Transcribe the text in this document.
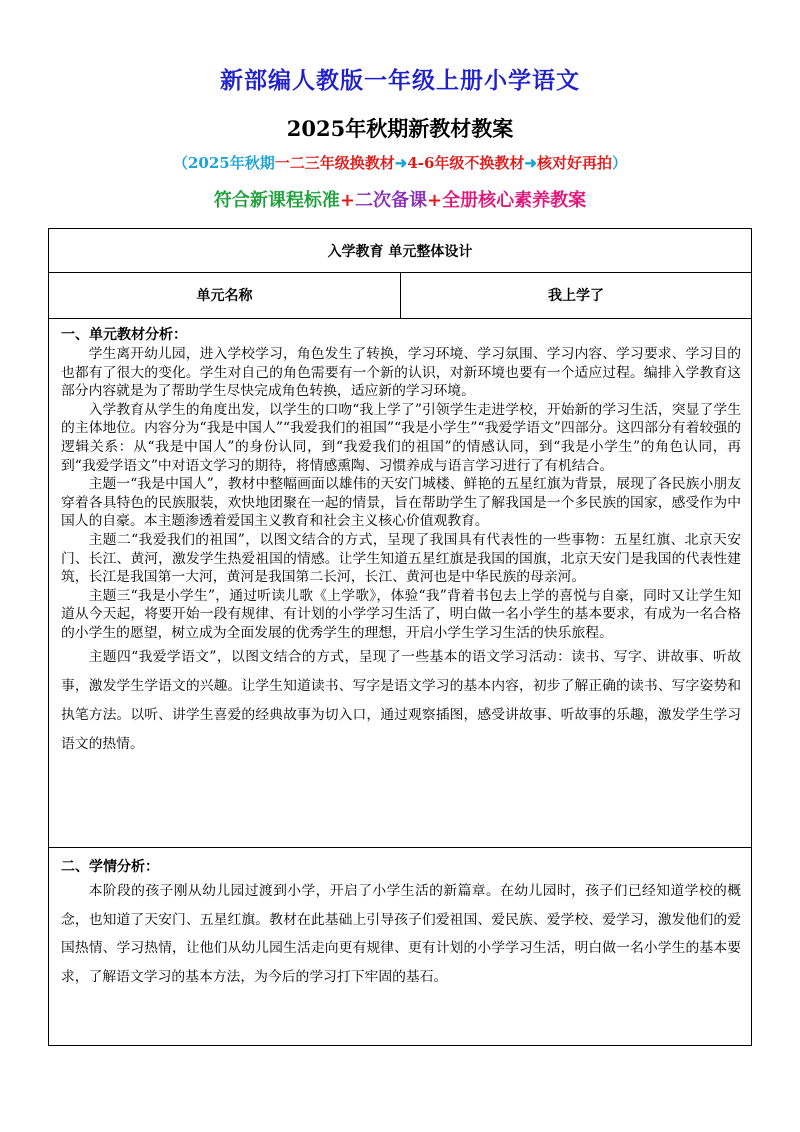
新部编人教版一年级上册小学语文
2025年秋期新教材教案
（2025年秋期一二三年级换教材➜4-6年级不换教材➜核对好再拍）
符合新课程标准+二次备课+全册核心素养教案
入学教育 单元整体设计
单元名称	我上学了
一、单元教材分析：

学生离开幼儿园，进入学校学习，角色发生了转换，学习环境、学习氛围、学习内容、学习要求、学习目的也都有了很大的变化。学生对自己的角色需要有一个新的认识，对新环境也要有一个适应过程。编排入学教育这部分内容就是为了帮助学生尽快完成角色转换，适应新的学习环境。

入学教育从学生的角度出发，以学生的口吻“我上学了”引领学生走进学校，开始新的学习生活，突显了学生的主体地位。内容分为“我是中国人”“我爱我们的祖国”“我是小学生”“我爱学语文”四部分。这四部分有着较强的逻辑关系：从“我是中国人”的身份认同，到“我爱我们的祖国”的情感认同，到“我是小学生”的角色认同，再到“我爱学语文”中对语文学习的期待，将情感熏陶、习惯养成与语言学习进行了有机结合。

主题一“我是中国人”，教材中整幅画面以雄伟的天安门城楼、鲜艳的五星红旗为背景，展现了各民族小朋友穿着各具特色的民族服装，欢快地团聚在一起的情景，旨在帮助学生了解我国是一个多民族的国家，感受作为中国人的自豪。本主题渗透着爱国主义教育和社会主义核心价值观教育。

主题二“我爱我们的祖国”，以图文结合的方式，呈现了我国具有代表性的一些事物：五星红旗、北京天安门、长江、黄河，激发学生热爱祖国的情感。让学生知道五星红旗是我国的国旗，北京天安门是我国的代表性建筑，长江是我国第一大河，黄河是我国第二长河，长江、黄河也是中华民族的母亲河。

主题三“我是小学生”，通过听读儿歌《上学歌》，体验“我”背着书包去上学的喜悦与自豪，同时又让学生知道从今天起，将要开始一段有规律、有计划的小学学习生活了，明白做一名小学生的基本要求，有成为一名合格的小学生的愿望，树立成为全面发展的优秀学生的理想，开启小学生学习生活的快乐旅程。

主题四“我爱学语文”，以图文结合的方式，呈现了一些基本的语文学习活动：读书、写字、讲故事、听故事，激发学生学语文的兴趣。让学生知道读书、写字是语文学习的基本内容，初步了解正确的读书、写字姿势和执笔方法。以听、讲学生喜爱的经典故事为切入口，通过观察插图，感受讲故事、听故事的乐趣，激发学生学习语文的热情。

二、学情分析：

本阶段的孩子刚从幼儿园过渡到小学，开启了小学生活的新篇章。在幼儿园时，孩子们已经知道学校的概念，也知道了天安门、五星红旗。教材在此基础上引导孩子们爱祖国、爱民族、爱学校、爱学习，激发他们的爱国热情、学习热情，让他们从幼儿园生活走向更有规律、更有计划的小学学习生活，明白做一名小学生的基本要求，了解语文学习的基本方法，为今后的学习打下牢固的基石。
